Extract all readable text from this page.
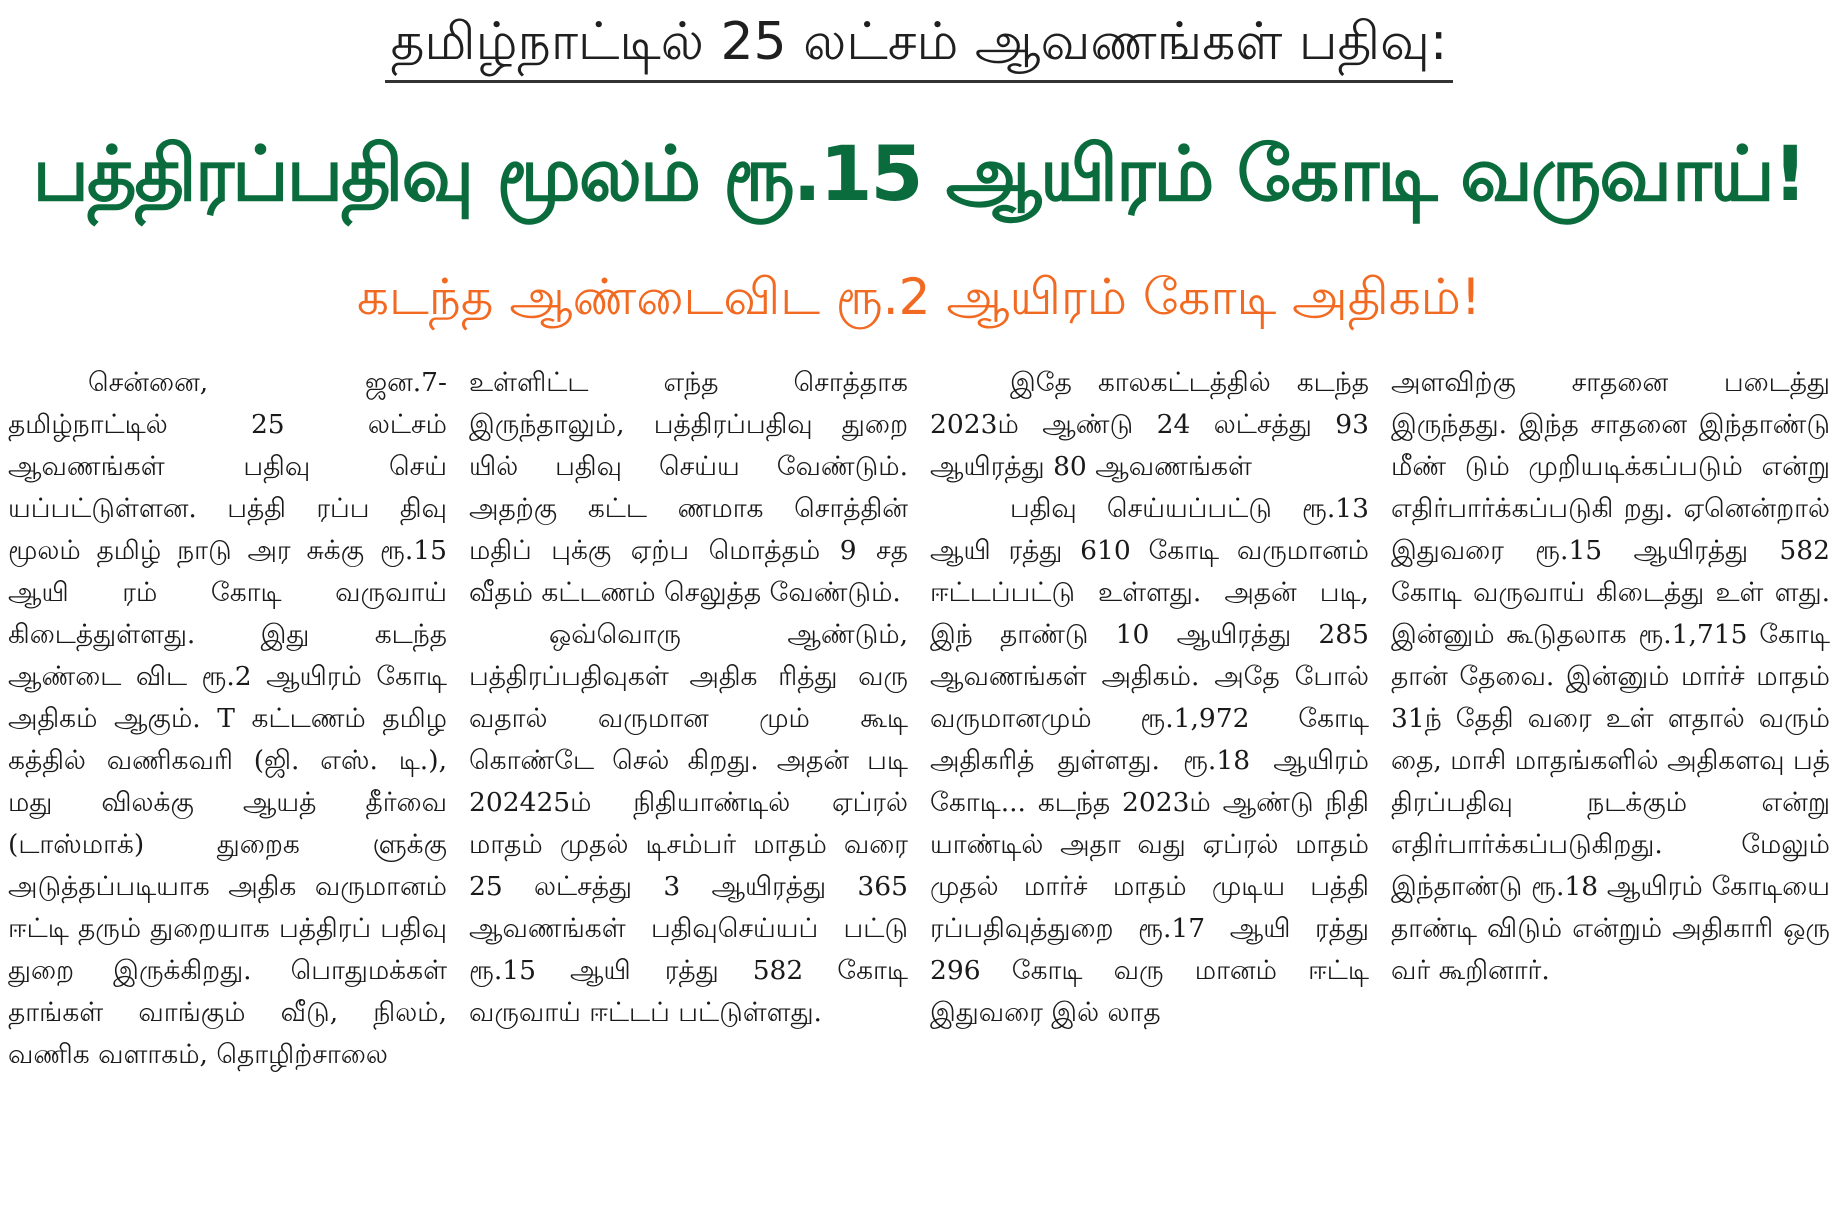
தமிழ்நாட்டில் 25 லட்சம் ஆவணங்கள் பதிவு:
பத்திரப்பதிவு மூலம் ரூ.15 ஆயிரம் கோடி வருவாய்!
கடந்த ஆண்டைவிட ரூ.2 ஆயிரம் கோடி அதிகம்!

சென்னை, ஜன.7- தமிழ்நாட்டில் 25 லட்சம் ஆவணங்கள் பதிவு செய் யப்பட்டுள்ளன. பத்தி ரப்ப திவு மூலம் தமிழ் நாடு அர சுக்கு ரூ.15 ஆயி ரம் கோடி வருவாய் கிடைத்துள்ளது. இது கடந்த ஆண்டை விட ரூ.2 ஆயிரம் கோடி அதிகம் ஆகும். T கட்டணம் தமிழ கத்தில் வணிகவரி (ஜி. எஸ். டி.), மது விலக்கு ஆயத் தீர்வை (டாஸ்மாக்) துறைக ளுக்கு அடுத்தப்படியாக அதிக வருமானம் ஈட்டி தரும் துறையாக பத்திரப் பதிவு துறை இருக்கிறது. பொதுமக்கள் தாங்கள் வாங்கும் வீடு, நிலம், வணிக வளாகம், தொழிற்சாலை

உள்ளிட்ட எந்த சொத்தாக இருந்தாலும், பத்திரப்பதிவு துறை யில் பதிவு செய்ய வேண்டும். அதற்கு கட்ட ணமாக சொத்தின் மதிப் புக்கு ஏற்ப மொத்தம் 9 சத வீதம் கட்டணம் செலுத்த வேண்டும்.

ஒவ்வொரு ஆண்டும், பத்திரப்பதிவுகள் அதிக ரித்து வரு வதால் வருமான மும் கூடி கொண்டே செல் கிறது. அதன் படி 202425ம் நிதியாண்டில் ஏப்ரல் மாதம் முதல் டிசம்பர் மாதம் வரை 25 லட்சத்து 3 ஆயிரத்து 365 ஆவணங்கள் பதிவுசெய்யப் பட்டு ரூ.15 ஆயி ரத்து 582 கோடி வருவாய் ஈட்டப் பட்டுள்ளது.

இதே காலகட்டத்தில் கடந்த 2023ம் ஆண்டு 24 லட்சத்து 93 ஆயிரத்து 80 ஆவணங்கள்

பதிவு செய்யப்பட்டு ரூ.13 ஆயி ரத்து 610 கோடி வருமானம் ஈட்டப்பட்டு உள்ளது. அதன் படி, இந் தாண்டு 10 ஆயிரத்து 285 ஆவணங்கள் அதிகம். அதே போல் வருமானமும் ரூ.1,972 கோடி அதிகரித் துள்ளது. ரூ.18 ஆயிரம் கோடி... கடந்த 2023ம் ஆண்டு நிதி யாண்டில் அதா வது ஏப்ரல் மாதம் முதல் மார்ச் மாதம் முடிய பத்தி ரப்பதிவுத்துறை ரூ.17 ஆயி ரத்து 296 கோடி வரு மானம் ஈட்டி இதுவரை இல் லாத

அளவிற்கு சாதனை படைத்து இருந்தது. இந்த சாதனை இந்தாண்டு மீண் டும் முறியடிக்கப்படும் என்று எதிர்பார்க்கப்படுகி றது. ஏனென்றால் இதுவரை ரூ.15 ஆயிரத்து 582 கோடி வருவாய் கிடைத்து உள் ளது. இன்னும் கூடுதலாக ரூ.1,715 கோடி தான் தேவை. இன்னும் மார்ச் மாதம் 31ந் தேதி வரை உள் ளதால் வரும் தை, மாசி மாதங்களில் அதிகளவு பத் திரப்பதிவு நடக்கும் என்று எதிர்பார்க்கப்படுகிறது. மேலும் இந்தாண்டு ரூ.18 ஆயிரம் கோடியை தாண்டி விடும் என்றும் அதிகாரி ஒரு வர் கூறினார்.
